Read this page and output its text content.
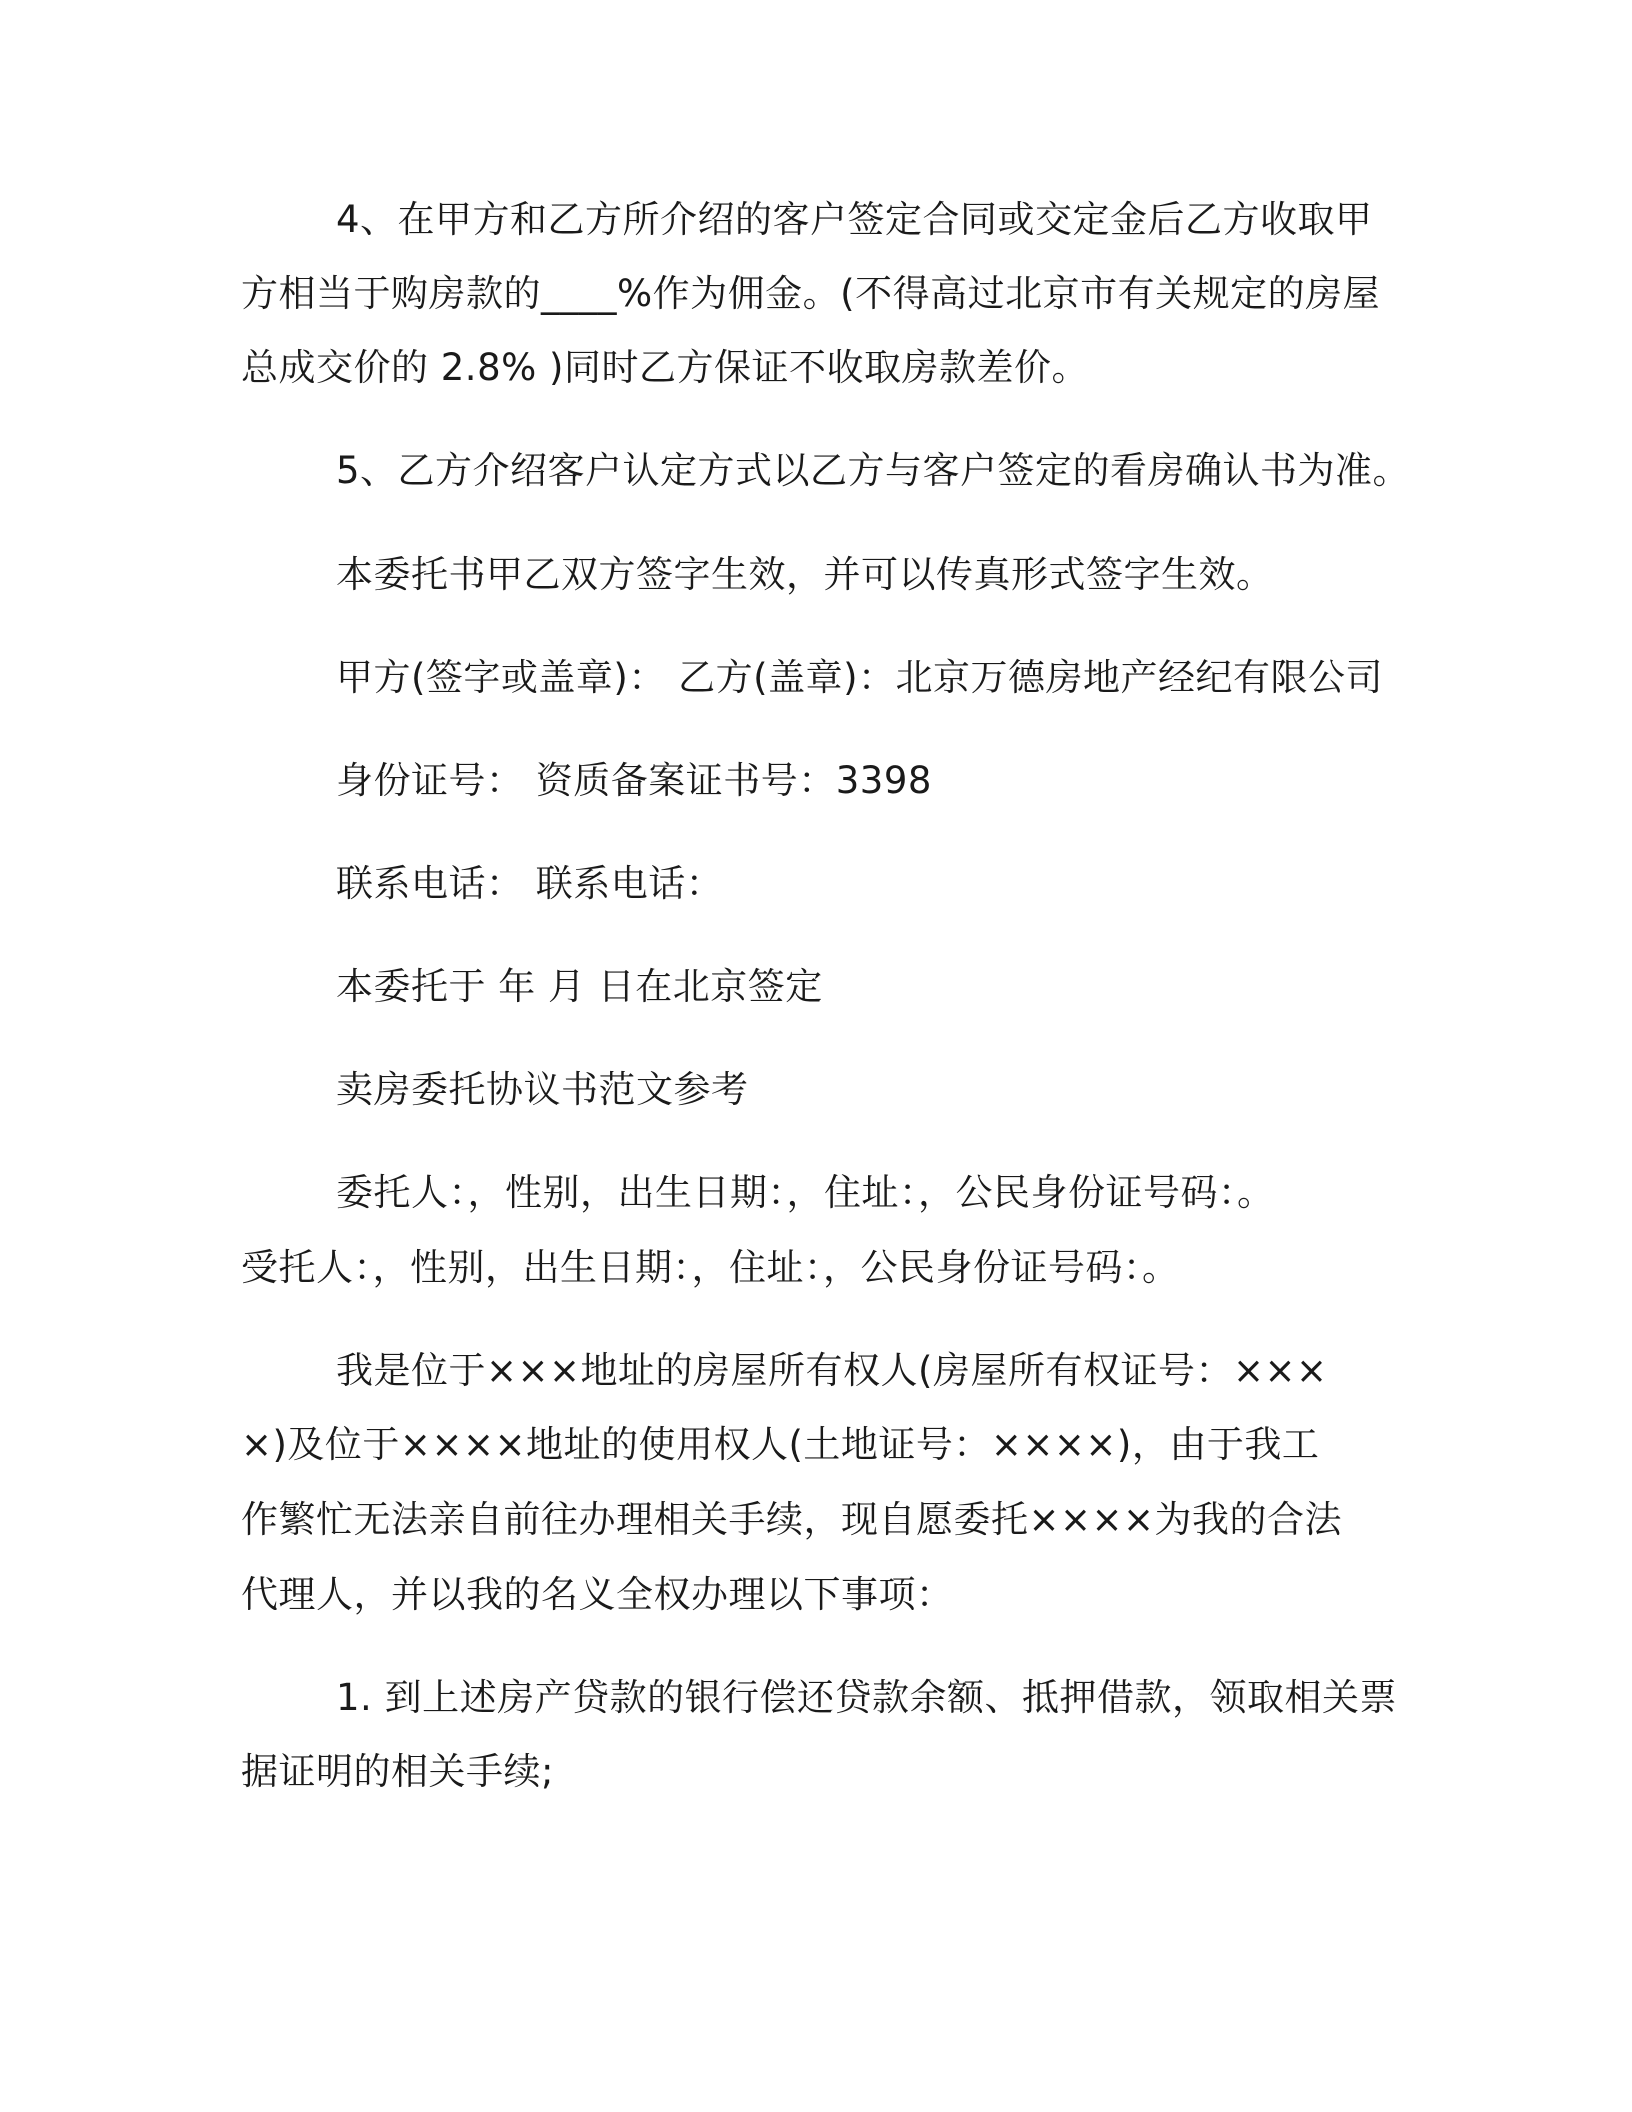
4、在甲方和乙方所介绍的客户签定合同或交定金后乙方收取甲

方相当于购房款的____%作为佣金。(不得高过北京市有关规定的房屋

总成交价的 2.8% )同时乙方保证不收取房款差价。

5、乙方介绍客户认定方式以乙方与客户签定的看房确认书为准。

本委托书甲乙双方签字生效，并可以传真形式签字生效。

甲方(签字或盖章)： 乙方(盖章)：北京万德房地产经纪有限公司

身份证号： 资质备案证书号：3398

联系电话： 联系电话：

本委托于 年 月 日在北京签定

卖房委托协议书范文参考

委托人：，性别，出生日期：，住址：，公民身份证号码：。

受托人：，性别，出生日期：，住址：，公民身份证号码：。

我是位于×××地址的房屋所有权人(房屋所有权证号：×××

×)及位于××××地址的使用权人(土地证号：××××)，由于我工

作繁忙无法亲自前往办理相关手续，现自愿委托××××为我的合法

代理人，并以我的名义全权办理以下事项：

1. 到上述房产贷款的银行偿还贷款余额、抵押借款，领取相关票

据证明的相关手续;
